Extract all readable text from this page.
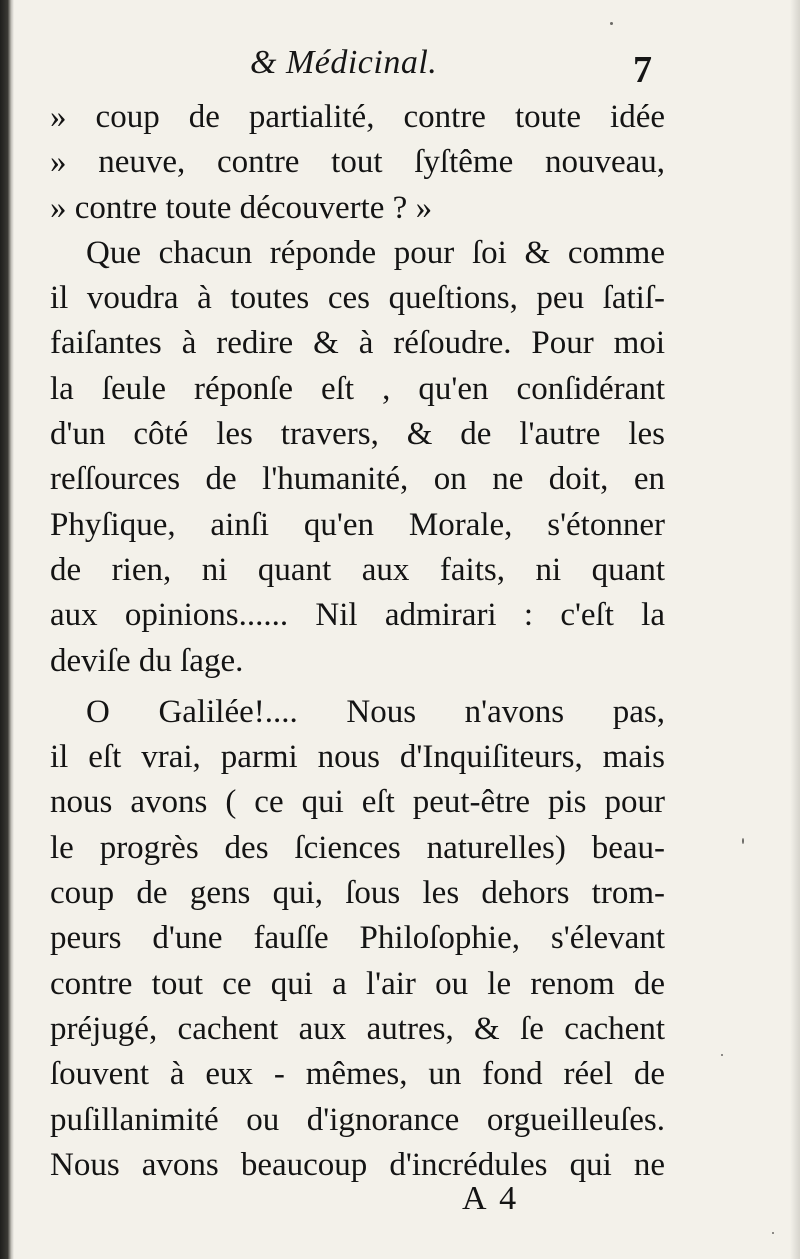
& Médicinal.	7
» coup de partialité, contre toute idée
» neuve, contre tout ſyſtême nouveau,
» contre toute découverte ? »
Que chacun réponde pour ſoi & comme
il voudra à toutes ces queſtions, peu ſatiſ-
faiſantes à redire & à réſoudre. Pour moi
la ſeule réponſe eſt , qu'en conſidérant
d'un côté les travers, & de l'autre les
reſſources de l'humanité, on ne doit, en
Phyſique, ainſi qu'en Morale, s'étonner
de rien, ni quant aux faits, ni quant
aux opinions...... Nil admirari : c'eſt la
deviſe du ſage.
O Galilée!.... Nous n'avons pas,
il eſt vrai, parmi nous d'Inquiſiteurs, mais
nous avons ( ce qui eſt peut-être pis pour
le progrès des ſciences naturelles) beau-
coup de gens qui, ſous les dehors trom-
peurs d'une fauſſe Philoſophie, s'élevant
contre tout ce qui a l'air ou le renom de
préjugé, cachent aux autres, & ſe cachent
ſouvent à eux - mêmes, un fond réel de
puſillanimité ou d'ignorance orgueilleuſes.
Nous avons beaucoup d'incrédules qui ne
A 4
